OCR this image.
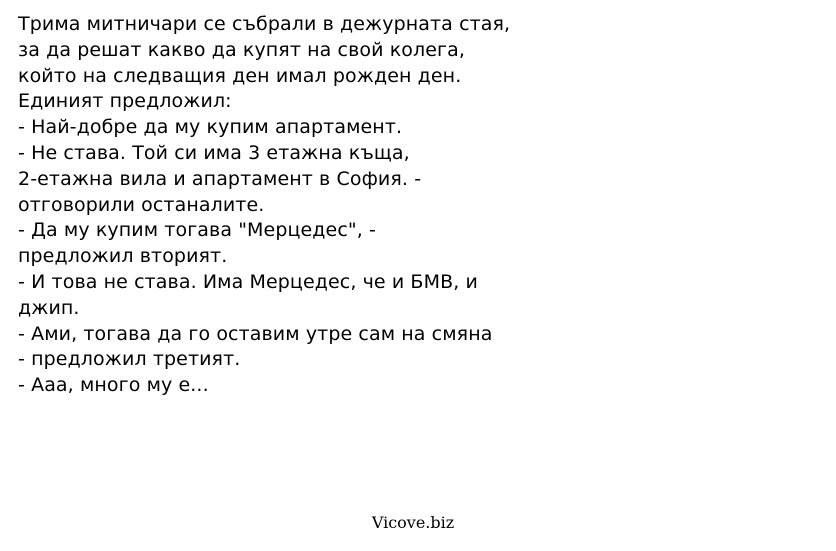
Трима митничари се събрали в дежурната стая,
за да решат какво да купят на свой колега,
който на следващия ден имал рожден ден.
Единият предложил:
- Най-добре да му купим апартамент.
- Не става. Той си има 3 етажна къща,
2-етажна вила и апартамент в София. -
отговорили останалите.
- Да му купим тогава "Мерцедес", -
предложил вторият.
- И това не става. Има Мерцедес, че и БМВ, и
джип.
- Ами, тогава да го оставим утре сам на смяна
- предложил третият.
- Ааа, много му е...
Vicove.biz
